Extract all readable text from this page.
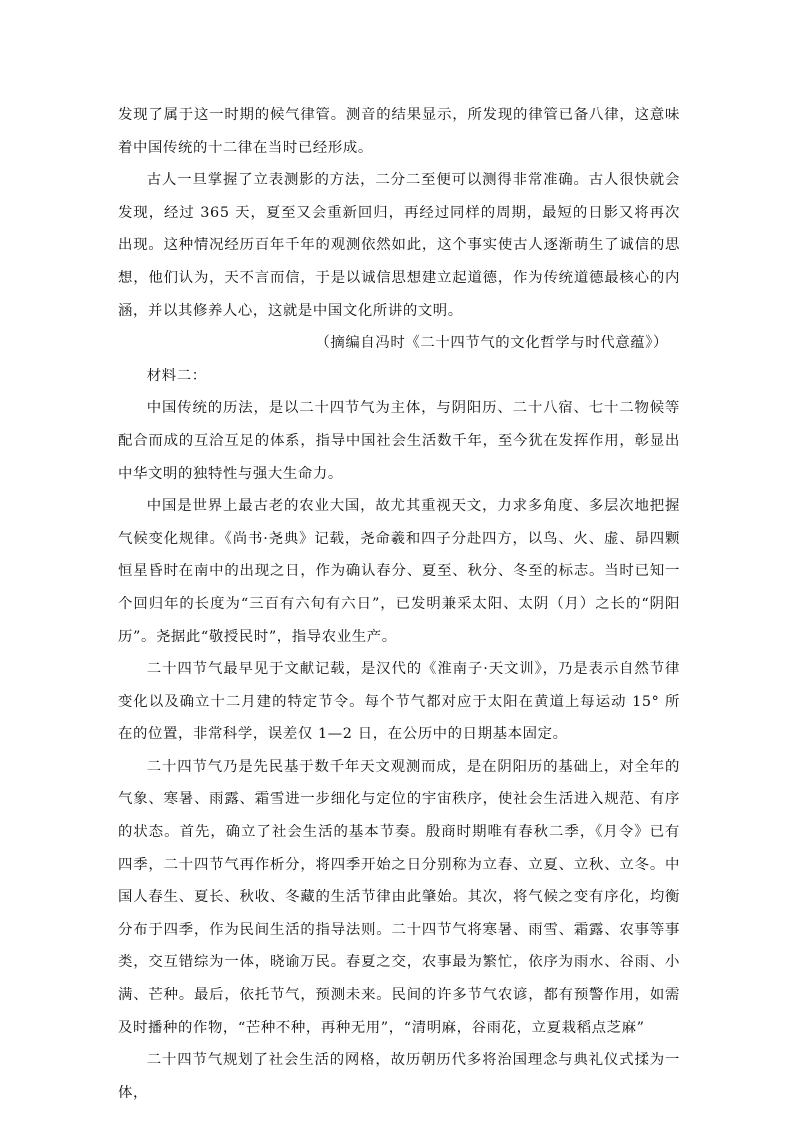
发现了属于这一时期的候气律管。测音的结果显示，所发现的律管已备八律，这意味着中国传统的十二律在当时已经形成。

古人一旦掌握了立表测影的方法，二分二至便可以测得非常准确。古人很快就会发现，经过 365 天，夏至又会重新回归，再经过同样的周期，最短的日影又将再次出现。这种情况经历百年千年的观测依然如此，这个事实使古人逐渐萌生了诚信的思想，他们认为，天不言而信，于是以诚信思想建立起道德，作为传统道德最核心的内涵，并以其修养人心，这就是中国文化所讲的文明。

（摘编自冯时《二十四节气的文化哲学与时代意蕴》）

材料二：

中国传统的历法，是以二十四节气为主体，与阴阳历、二十八宿、七十二物候等配合而成的互洽互足的体系，指导中国社会生活数千年，至今犹在发挥作用，彰显出中华文明的独特性与强大生命力。

中国是世界上最古老的农业大国，故尤其重视天文，力求多角度、多层次地把握气候变化规律。《尚书·尧典》记载，尧命羲和四子分赴四方，以鸟、火、虚、昴四颗恒星昏时在南中的出现之日，作为确认春分、夏至、秋分、冬至的标志。当时已知一个回归年的长度为“三百有六旬有六日”，已发明兼采太阳、太阴（月）之长的“阴阳历”。尧据此“敬授民时”，指导农业生产。

二十四节气最早见于文献记载，是汉代的《淮南子·天文训》，乃是表示自然节律变化以及确立十二月建的特定节令。每个节气都对应于太阳在黄道上每运动 15° 所在的位置，非常科学，误差仅 1—2 日，在公历中的日期基本固定。

二十四节气乃是先民基于数千年天文观测而成，是在阴阳历的基础上，对全年的气象、寒暑、雨露、霜雪进一步细化与定位的宇宙秩序，使社会生活进入规范、有序的状态。首先，确立了社会生活的基本节奏。殷商时期唯有春秋二季，《月令》已有四季，二十四节气再作析分，将四季开始之日分别称为立春、立夏、立秋、立冬。中国人春生、夏长、秋收、冬藏的生活节律由此肇始。其次，将气候之变有序化，均衡分布于四季，作为民间生活的指导法则。二十四节气将寒暑、雨雪、霜露、农事等事类，交互错综为一体，晓谕万民。春夏之交，农事最为繁忙，依序为雨水、谷雨、小满、芒种。最后，依托节气，预测未来。民间的许多节气农谚，都有预警作用，如需及时播种的作物，“芒种不种，再种无用”，“清明麻，谷雨花，立夏栽稻点芝麻”

二十四节气规划了社会生活的网格，故历朝历代多将治国理念与典礼仪式揉为一体，
